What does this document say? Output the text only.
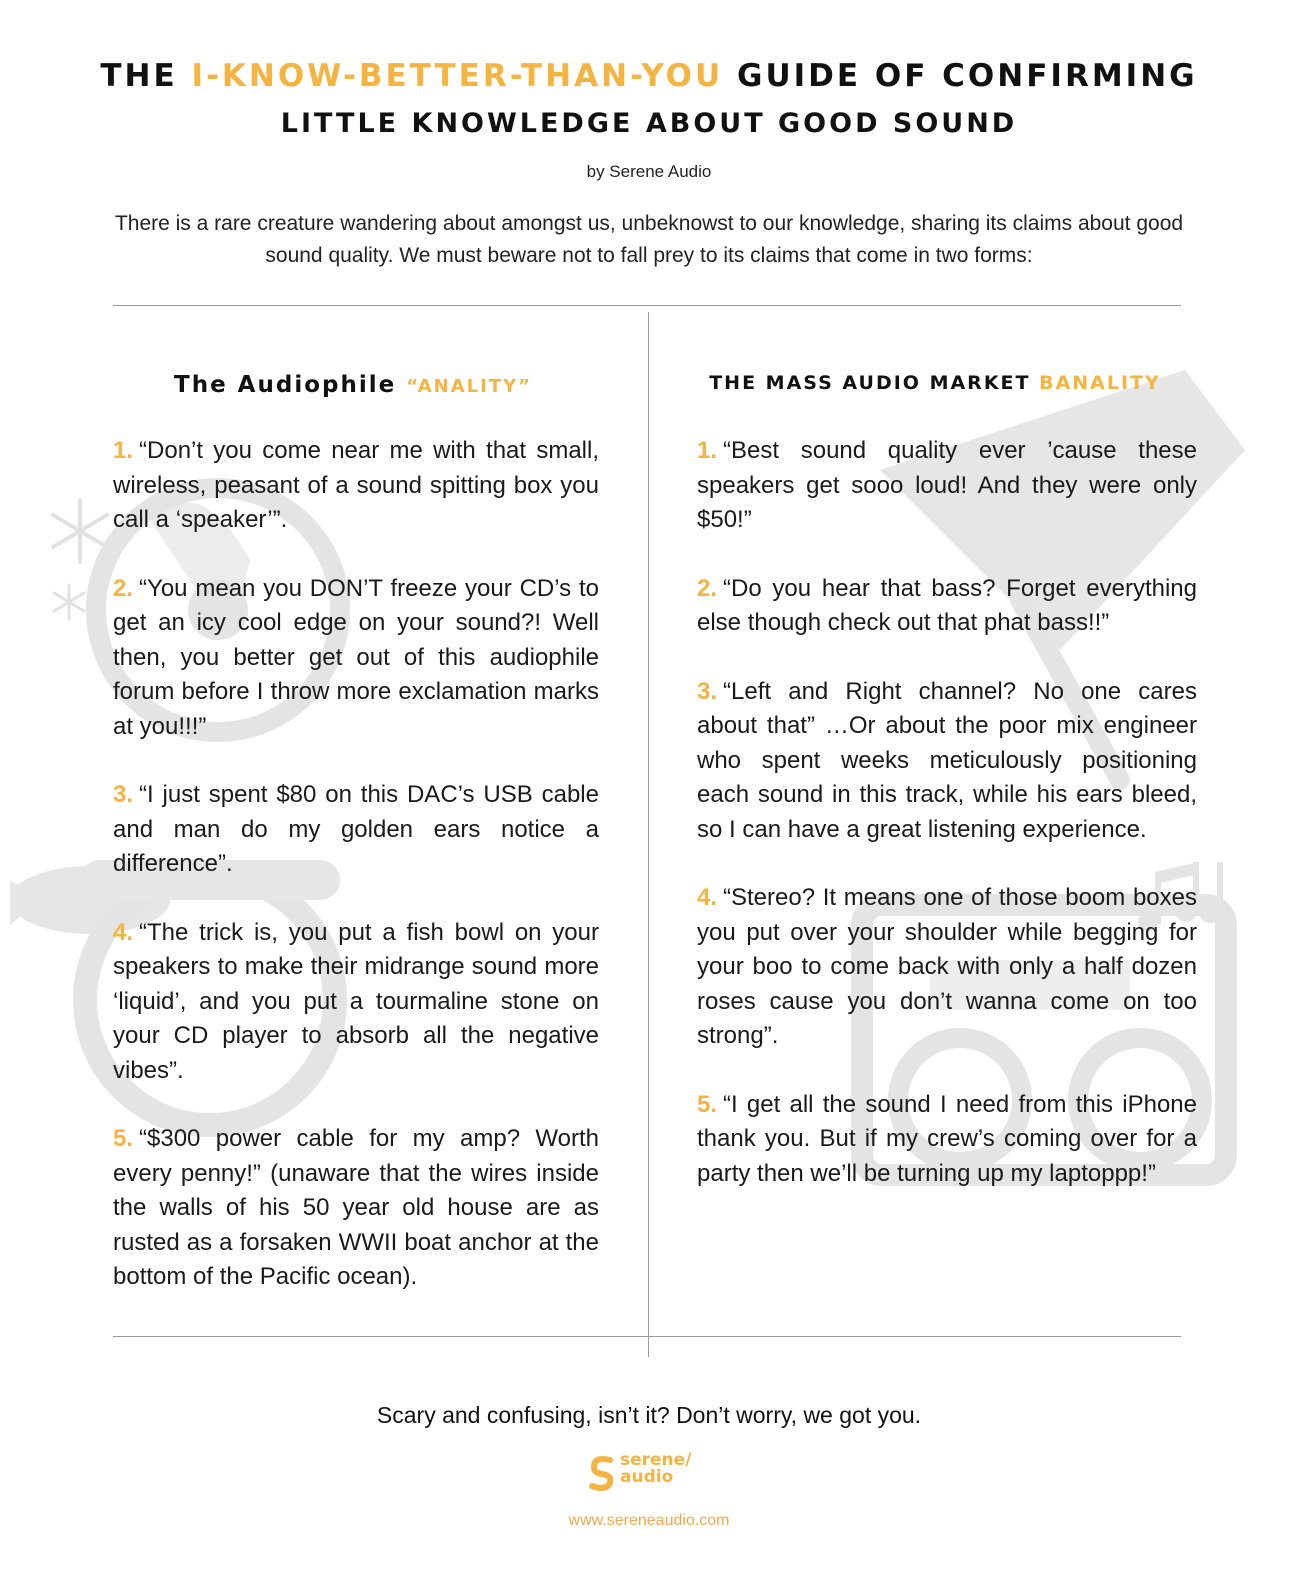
THE I-KNOW-BETTER-THAN-YOU GUIDE OF CONFIRMING
LITTLE KNOWLEDGE ABOUT GOOD SOUND
by Serene Audio
There is a rare creature wandering about amongst us, unbeknowst to our knowledge, sharing its claims about good sound quality. We must beware not to fall prey to its claims that come in two forms:
The Audiophile “ANALITY”	THE MASS AUDIO MARKET BANALITY

1. “Don’t you come near me with that small, wireless, peasant of a sound spitting box you call a ‘speaker’”.

2. “You mean you DON’T freeze your CD’s to get an icy cool edge on your sound?! Well then, you better get out of this audiophile forum before I throw more exclamation marks at you!!!”

3. “I just spent $80 on this DAC’s USB cable and man do my golden ears notice a difference”.

4. “The trick is, you put a fish bowl on your speakers to make their midrange sound more ‘liquid’, and you put a tourmaline stone on your CD player to absorb all the negative vibes”.

5. “$300 power cable for my amp? Worth every penny!” (unaware that the wires inside the walls of his 50 year old house are as rusted as a forsaken WWII boat anchor at the bottom of the Pacific ocean).

1. “Best sound quality ever ’cause these speakers get sooo loud! And they were only $50!”

2. “Do you hear that bass? Forget everything else though check out that phat bass!!”

3. “Left and Right channel? No one cares about that” …Or about the poor mix engineer who spent weeks meticulously positioning each sound in this track, while his ears bleed, so I can have a great listening experience.

4. “Stereo? It means one of those boom boxes you put over your shoulder while begging for your boo to come back with only a half dozen roses cause you don’t wanna come on too strong”.

5. “I get all the sound I need from this iPhone thank you. But if my crew’s coming over for a party then we’ll be turning up my laptoppp!”

Scary and confusing, isn’t it? Don’t worry, we got you.
serene/
audio
www.sereneaudio.com
